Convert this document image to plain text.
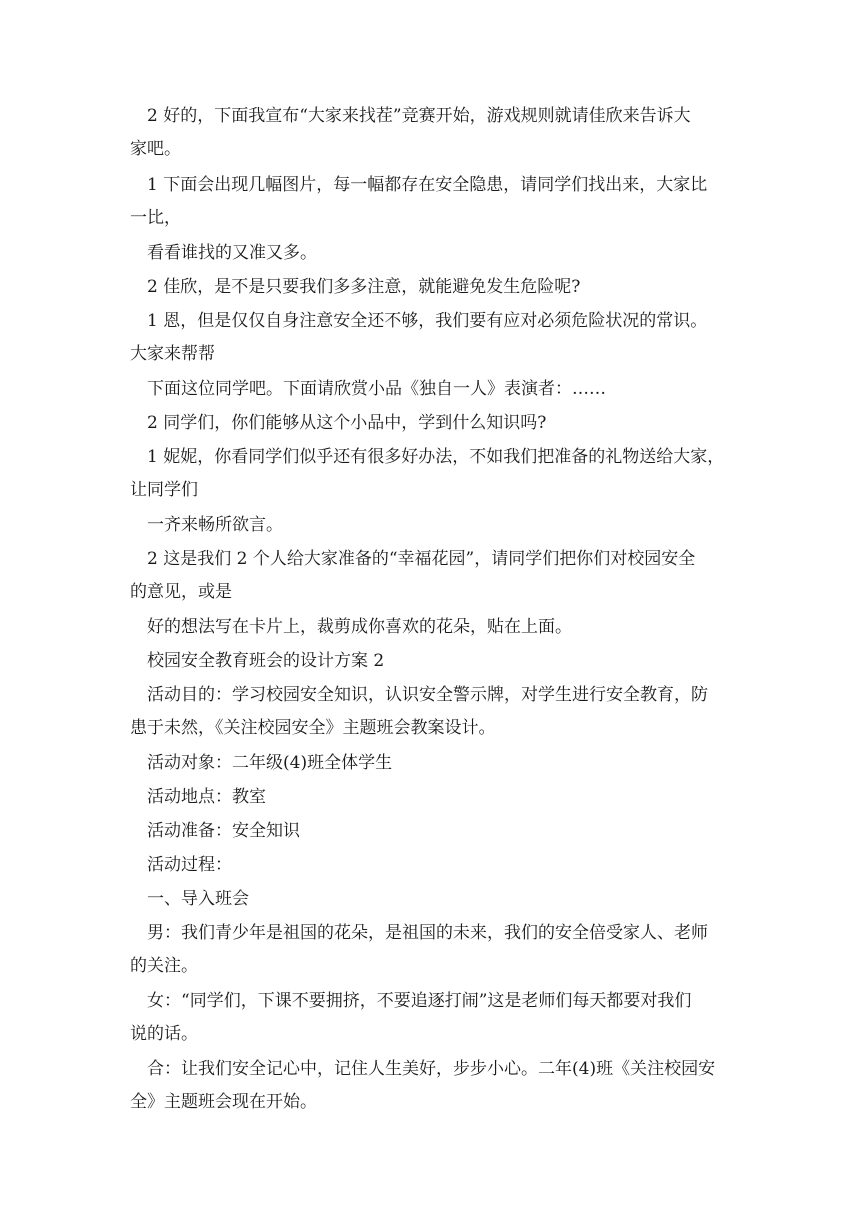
2 好的，下面我宣布“大家来找茬”竞赛开始，游戏规则就请佳欣来告诉大
家吧。
1 下面会出现几幅图片，每一幅都存在安全隐患，请同学们找出来，大家比
一比，
看看谁找的又准又多。
2 佳欣，是不是只要我们多多注意，就能避免发生危险呢?
1 恩，但是仅仅自身注意安全还不够，我们要有应对必须危险状况的常识。
大家来帮帮
下面这位同学吧。下面请欣赏小品《独自一人》表演者：……
2 同学们，你们能够从这个小品中，学到什么知识吗?
1 妮妮，你看同学们似乎还有很多好办法，不如我们把准备的礼物送给大家，
让同学们
一齐来畅所欲言。
2 这是我们 2 个人给大家准备的“幸福花园”，请同学们把你们对校园安全
的意见，或是
好的想法写在卡片上，裁剪成你喜欢的花朵，贴在上面。
校园安全教育班会的设计方案 2
活动目的：学习校园安全知识，认识安全警示牌，对学生进行安全教育，防
患于未然，《关注校园安全》主题班会教案设计。
活动对象：二年级(4)班全体学生
活动地点：教室
活动准备：安全知识
活动过程：
一、导入班会
男：我们青少年是祖国的花朵，是祖国的未来，我们的安全倍受家人、老师
的关注。
女：“同学们，下课不要拥挤，不要追逐打闹”这是老师们每天都要对我们
说的话。
合：让我们安全记心中，记住人生美好，步步小心。二年(4)班《关注校园安
全》主题班会现在开始。
